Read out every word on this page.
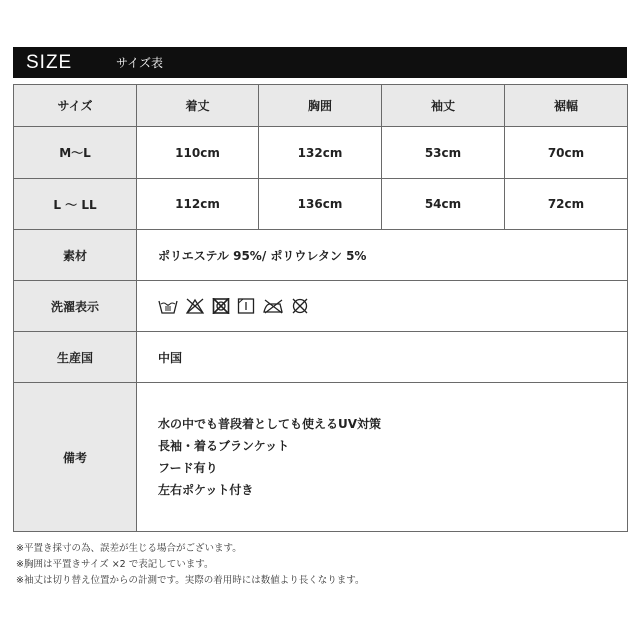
SIZE	サイズ表
サイズ	着丈	胸囲	袖丈	裾幅
M〜L	110cm	132cm	53cm	70cm
L 〜 LL	112cm	136cm	54cm	72cm
素材	ポリエステル 95%/ ポリウレタン 5%			
洗濯表示	

生産国	中国			
備考	水の中でも普段着としても使えるUV対策
長袖・着るブランケット
フード有り
左右ポケット付き			
※平置き採寸の為、誤差が生じる場合がございます。
※胸囲は平置きサイズ ×2 で表記しています。
※袖丈は切り替え位置からの計測です。実際の着用時には数値より長くなります。
